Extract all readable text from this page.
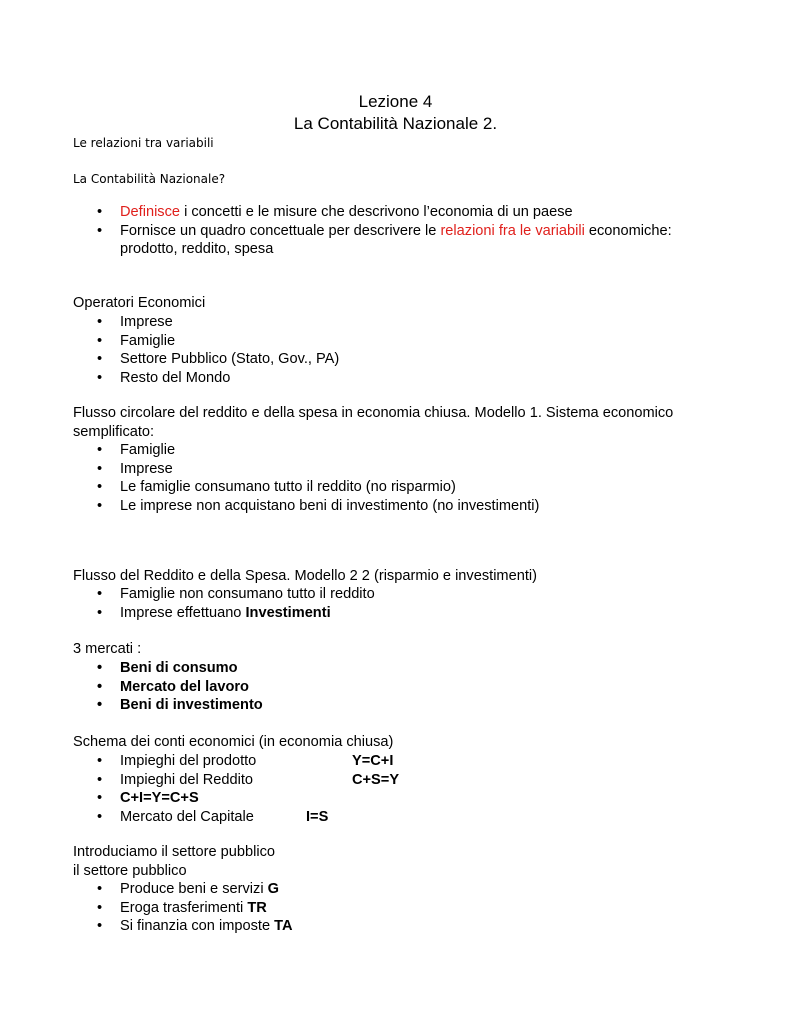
Lezione 4
La Contabilità Nazionale 2.
Le relazioni tra variabili
La Contabilità Nazionale?
• Definisce i concetti e le misure che descrivono l’economia di un paese
• Fornisce un quadro concettuale per descrivere le relazioni fra le variabili economiche:
prodotto, reddito, spesa
Operatori Economici
• Imprese
• Famiglie
• Settore Pubblico (Stato, Gov., PA)
• Resto del Mondo
Flusso circolare del reddito e della spesa in economia chiusa. Modello 1. Sistema economico
semplificato:
• Famiglie
• Imprese
• Le famiglie consumano tutto il reddito (no risparmio)
• Le imprese non acquistano beni di investimento (no investimenti)
Flusso del Reddito e della Spesa. Modello 2 2 (risparmio e investimenti)
• Famiglie non consumano tutto il reddito
• Imprese effettuano Investimenti
3 mercati :
• Beni di consumo
• Mercato del lavoro
• Beni di investimento
Schema dei conti economici (in economia chiusa)
• Impieghi del prodotto	Y=C+I
• Impieghi del Reddito	C+S=Y
• C+I=Y=C+S
• Mercato del Capitale	I=S
Introduciamo il settore pubblico
il settore pubblico
• Produce beni e servizi G
• Eroga trasferimenti TR
• Si finanzia con imposte TA
